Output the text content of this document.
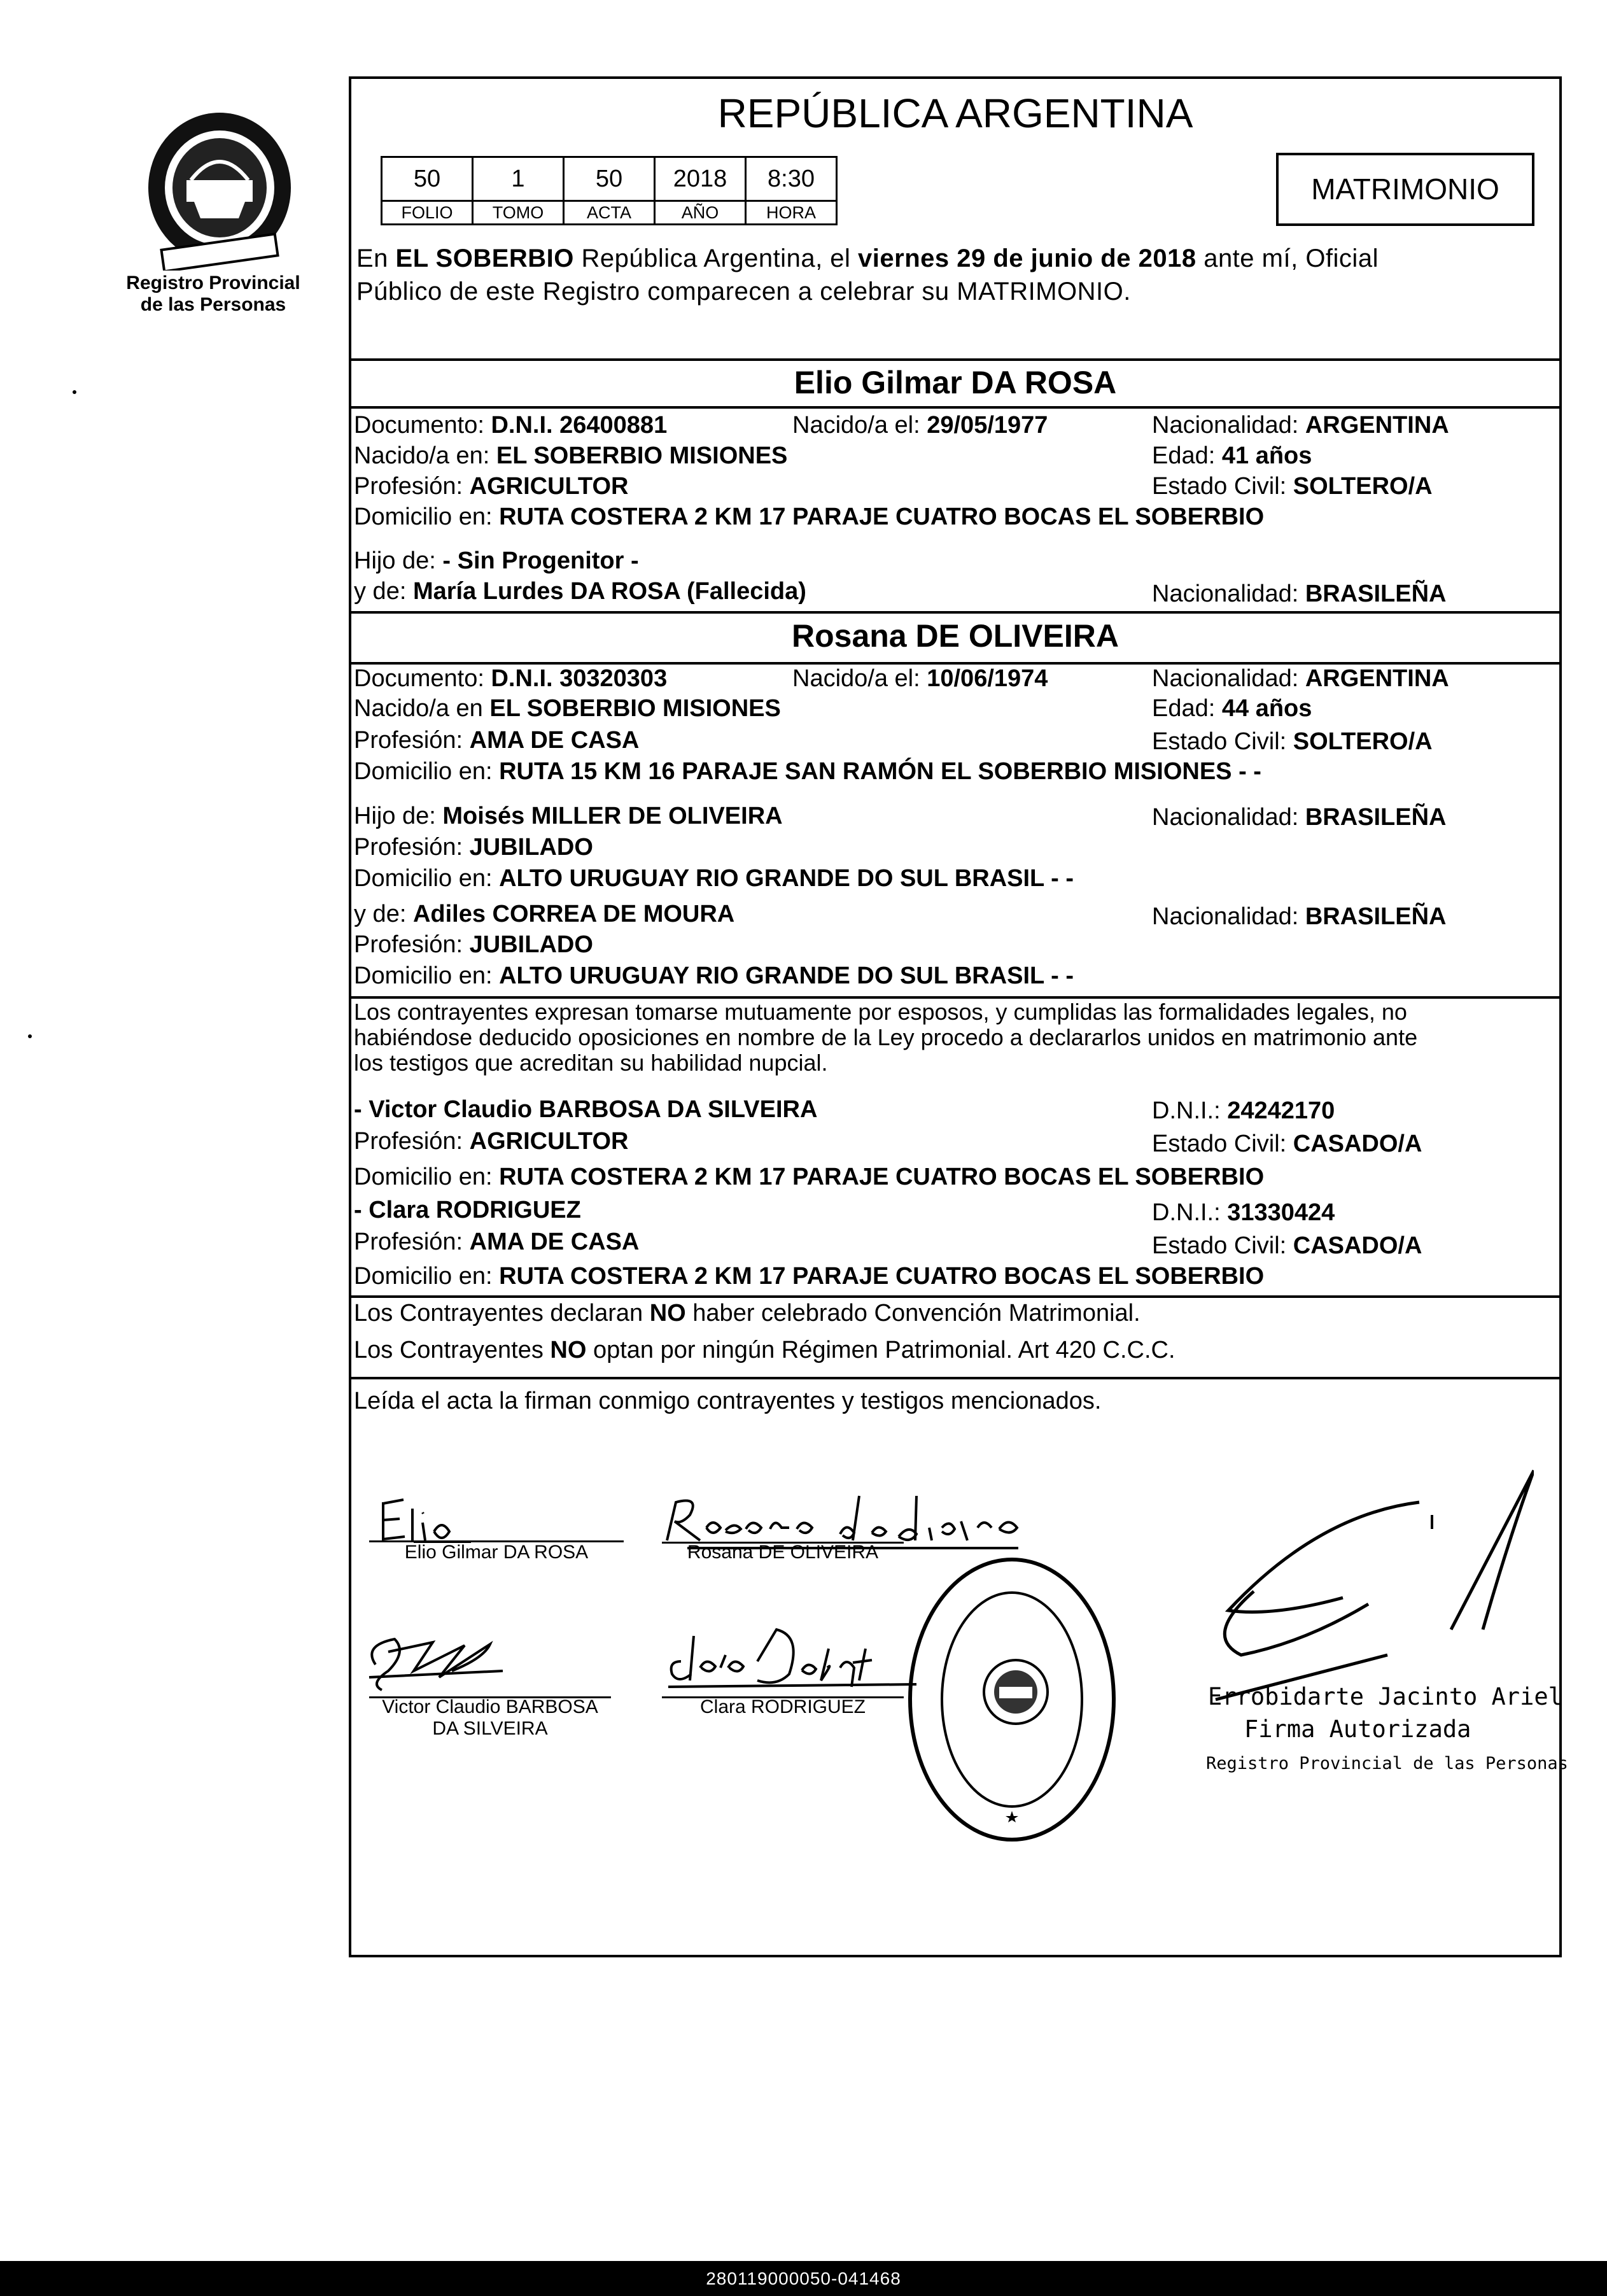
Registro Provincial
de las Personas
REPÚBLICA ARGENTINA
50	1	50	2018	8:30
FOLIO	TOMO	ACTA	AÑO	HORA
MATRIMONIO
En EL SOBERBIO República Argentina, el viernes 29 de junio de 2018 ante mí, Oficial
Público de este Registro comparecen a celebrar su MATRIMONIO.
Elio Gilmar DA ROSA
Documento: D.N.I. 26400881	Nacido/a el: 29/05/1977	Nacionalidad: ARGENTINA
Nacido/a en: EL SOBERBIO MISIONES	Edad: 41 años
Profesión: AGRICULTOR	Estado Civil: SOLTERO/A
Domicilio en: RUTA COSTERA 2 KM 17 PARAJE CUATRO BOCAS EL SOBERBIO
Hijo de: - Sin Progenitor -
y de: María Lurdes DA ROSA (Fallecida)	Nacionalidad: BRASILEÑA
Rosana DE OLIVEIRA
Documento: D.N.I. 30320303	Nacido/a el: 10/06/1974	Nacionalidad: ARGENTINA
Nacido/a en EL SOBERBIO MISIONES	Edad: 44 años
Profesión: AMA DE CASA	Estado Civil: SOLTERO/A
Domicilio en: RUTA 15 KM 16 PARAJE SAN RAMÓN EL SOBERBIO MISIONES - -
Hijo de: Moisés MILLER DE OLIVEIRA	Nacionalidad: BRASILEÑA
Profesión: JUBILADO
Domicilio en: ALTO URUGUAY RIO GRANDE DO SUL BRASIL - -
y de: Adiles CORREA DE MOURA	Nacionalidad: BRASILEÑA
Profesión: JUBILADO
Domicilio en: ALTO URUGUAY RIO GRANDE DO SUL BRASIL - -
Los contrayentes expresan tomarse mutuamente por esposos, y cumplidas las formalidades legales, no
habiéndose deducido oposiciones en nombre de la Ley procedo a declararlos unidos en matrimonio ante
los testigos que acreditan su habilidad nupcial.
- Victor Claudio BARBOSA DA SILVEIRA	D.N.I.: 24242170
Profesión: AGRICULTOR	Estado Civil: CASADO/A
Domicilio en: RUTA COSTERA 2 KM 17 PARAJE CUATRO BOCAS EL SOBERBIO
- Clara RODRIGUEZ	D.N.I.: 31330424
Profesión: AMA DE CASA	Estado Civil: CASADO/A
Domicilio en: RUTA COSTERA 2 KM 17 PARAJE CUATRO BOCAS EL SOBERBIO
Los Contrayentes declaran NO haber celebrado Convención Matrimonial.
Los Contrayentes NO optan por ningún Régimen Patrimonial. Art 420 C.C.C.
Leída el acta la firman conmigo contrayentes y testigos mencionados.
Elio Gilmar DA ROSA	Rosana DE OLIVEIRA
Victor Claudio BARBOSA
DA SILVEIRA
Clara RODRIGUEZ	Errobidarte Jacinto Ariel
Firma Autorizada
Registro Provincial de las Personas
280119000050-041468
